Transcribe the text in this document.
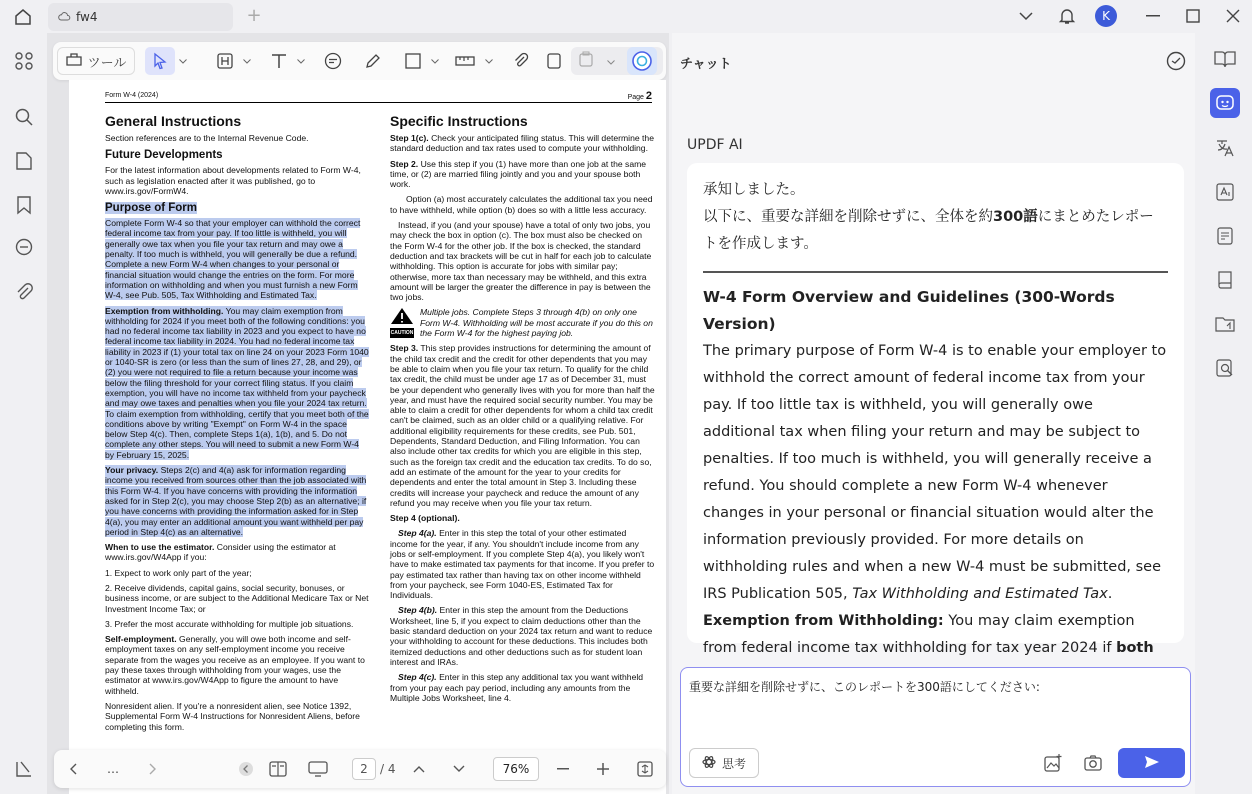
fw4	+	K
ツール
Form W-4 (2024)	Page 2
General Instructions

Section references are to the Internal Revenue Code.

Future Developments

For the latest information about developments related to Form W-4, such as legislation enacted after it was published, go to www.irs.gov/FormW4.

Purpose of Form

Complete Form W-4 so that your employer can withhold the correct federal income tax from your pay. If too little is withheld, you will generally owe tax when you file your tax return and may owe a penalty. If too much is withheld, you will generally be due a refund. Complete a new Form W-4 when changes to your personal or financial situation would change the entries on the form. For more information on withholding and when you must furnish a new Form W-4, see Pub. 505, Tax Withholding and Estimated Tax.

Exemption from withholding. You may claim exemption from withholding for 2024 if you meet both of the following conditions: you had no federal income tax liability in 2023 and you expect to have no federal income tax liability in 2024. You had no federal income tax liability in 2023 if (1) your total tax on line 24 on your 2023 Form 1040 or 1040-SR is zero (or less than the sum of lines 27, 28, and 29), or (2) you were not required to file a return because your income was below the filing threshold for your correct filing status. If you claim exemption, you will have no income tax withheld from your paycheck and may owe taxes and penalties when you file your 2024 tax return. To claim exemption from withholding, certify that you meet both of the conditions above by writing "Exempt" on Form W-4 in the space below Step 4(c). Then, complete Steps 1(a), 1(b), and 5. Do not complete any other steps. You will need to submit a new Form W-4 by February 15, 2025.

Your privacy. Steps 2(c) and 4(a) ask for information regarding income you received from sources other than the job associated with this Form W-4. If you have concerns with providing the information asked for in Step 2(c), you may choose Step 2(b) as an alternative; if you have concerns with providing the information asked for in Step 4(a), you may enter an additional amount you want withheld per pay period in Step 4(c) as an alternative.

When to use the estimator. Consider using the estimator at www.irs.gov/W4App if you:

1. Expect to work only part of the year;

2. Receive dividends, capital gains, social security, bonuses, or business income, or are subject to the Additional Medicare Tax or Net Investment Income Tax; or

3. Prefer the most accurate withholding for multiple job situations.

Self-employment. Generally, you will owe both income and self-employment taxes on any self-employment income you receive separate from the wages you receive as an employee. If you want to pay these taxes through withholding from your wages, use the estimator at www.irs.gov/W4App to figure the amount to have withheld.

Nonresident alien. If you're a nonresident alien, see Notice 1392, Supplemental Form W-4 Instructions for Nonresident Aliens, before completing this form.

Specific Instructions

Step 1(c). Check your anticipated filing status. This will determine the standard deduction and tax rates used to compute your withholding.

Step 2. Use this step if you (1) have more than one job at the same time, or (2) are married filing jointly and you and your spouse both work.

Option (a) most accurately calculates the additional tax you need to have withheld, while option (b) does so with a little less accuracy.

Instead, if you (and your spouse) have a total of only two jobs, you may check the box in option (c). The box must also be checked on the Form W-4 for the other job. If the box is checked, the standard deduction and tax brackets will be cut in half for each job to calculate withholding. This option is accurate for jobs with similar pay; otherwise, more tax than necessary may be withheld, and this extra amount will be larger the greater the difference in pay is between the two jobs.

CAUTION
Multiple jobs. Complete Steps 3 through 4(b) on only one Form W-4. Withholding will be most accurate if you do this on the Form W-4 for the highest paying job.

Step 3. This step provides instructions for determining the amount of the child tax credit and the credit for other dependents that you may be able to claim when you file your tax return. To qualify for the child tax credit, the child must be under age 17 as of December 31, must be your dependent who generally lives with you for more than half the year, and must have the required social security number. You may be able to claim a credit for other dependents for whom a child tax credit can't be claimed, such as an older child or a qualifying relative. For additional eligibility requirements for these credits, see Pub. 501, Dependents, Standard Deduction, and Filing Information. You can also include other tax credits for which you are eligible in this step, such as the foreign tax credit and the education tax credits. To do so, add an estimate of the amount for the year to your credits for dependents and enter the total amount in Step 3. Including these credits will increase your paycheck and reduce the amount of any refund you may receive when you file your tax return.

Step 4 (optional).

Step 4(a). Enter in this step the total of your other estimated income for the year, if any. You shouldn't include income from any jobs or self-employment. If you complete Step 4(a), you likely won't have to make estimated tax payments for that income. If you prefer to pay estimated tax rather than having tax on other income withheld from your paycheck, see Form 1040-ES, Estimated Tax for Individuals.

Step 4(b). Enter in this step the amount from the Deductions Worksheet, line 5, if you expect to claim deductions other than the basic standard deduction on your 2024 tax return and want to reduce your withholding to account for these deductions. This includes both itemized deductions and other deductions such as for student loan interest and IRAs.

Step 4(c). Enter in this step any additional tax you want withheld from your pay each pay period, including any amounts from the Multiple Jobs Worksheet, line 4.

…	2	/ 4	76%
チャット
UPDF AI
承知しました。
以下に、重要な詳細を削除せずに、全体を約300語にまとめたレポートを作成します。
W-4 Form Overview and Guidelines (300-Words Version)
The primary purpose of Form W-4 is to enable your employer to withhold the correct amount of federal income tax from your pay. If too little tax is withheld, you will generally owe additional tax when filing your return and may be subject to penalties. If too much is withheld, you will generally receive a refund. You should complete a new Form W-4 whenever changes in your personal or financial situation would alter the information previously provided. For more details on withholding rules and when a new W-4 must be submitted, see IRS Publication 505, Tax Withholding and Estimated Tax.
Exemption from Withholding: You may claim exemption from federal income tax withholding for tax year 2024 if both
重要な詳細を削除せずに、このレポートを300語にしてください:
思考
